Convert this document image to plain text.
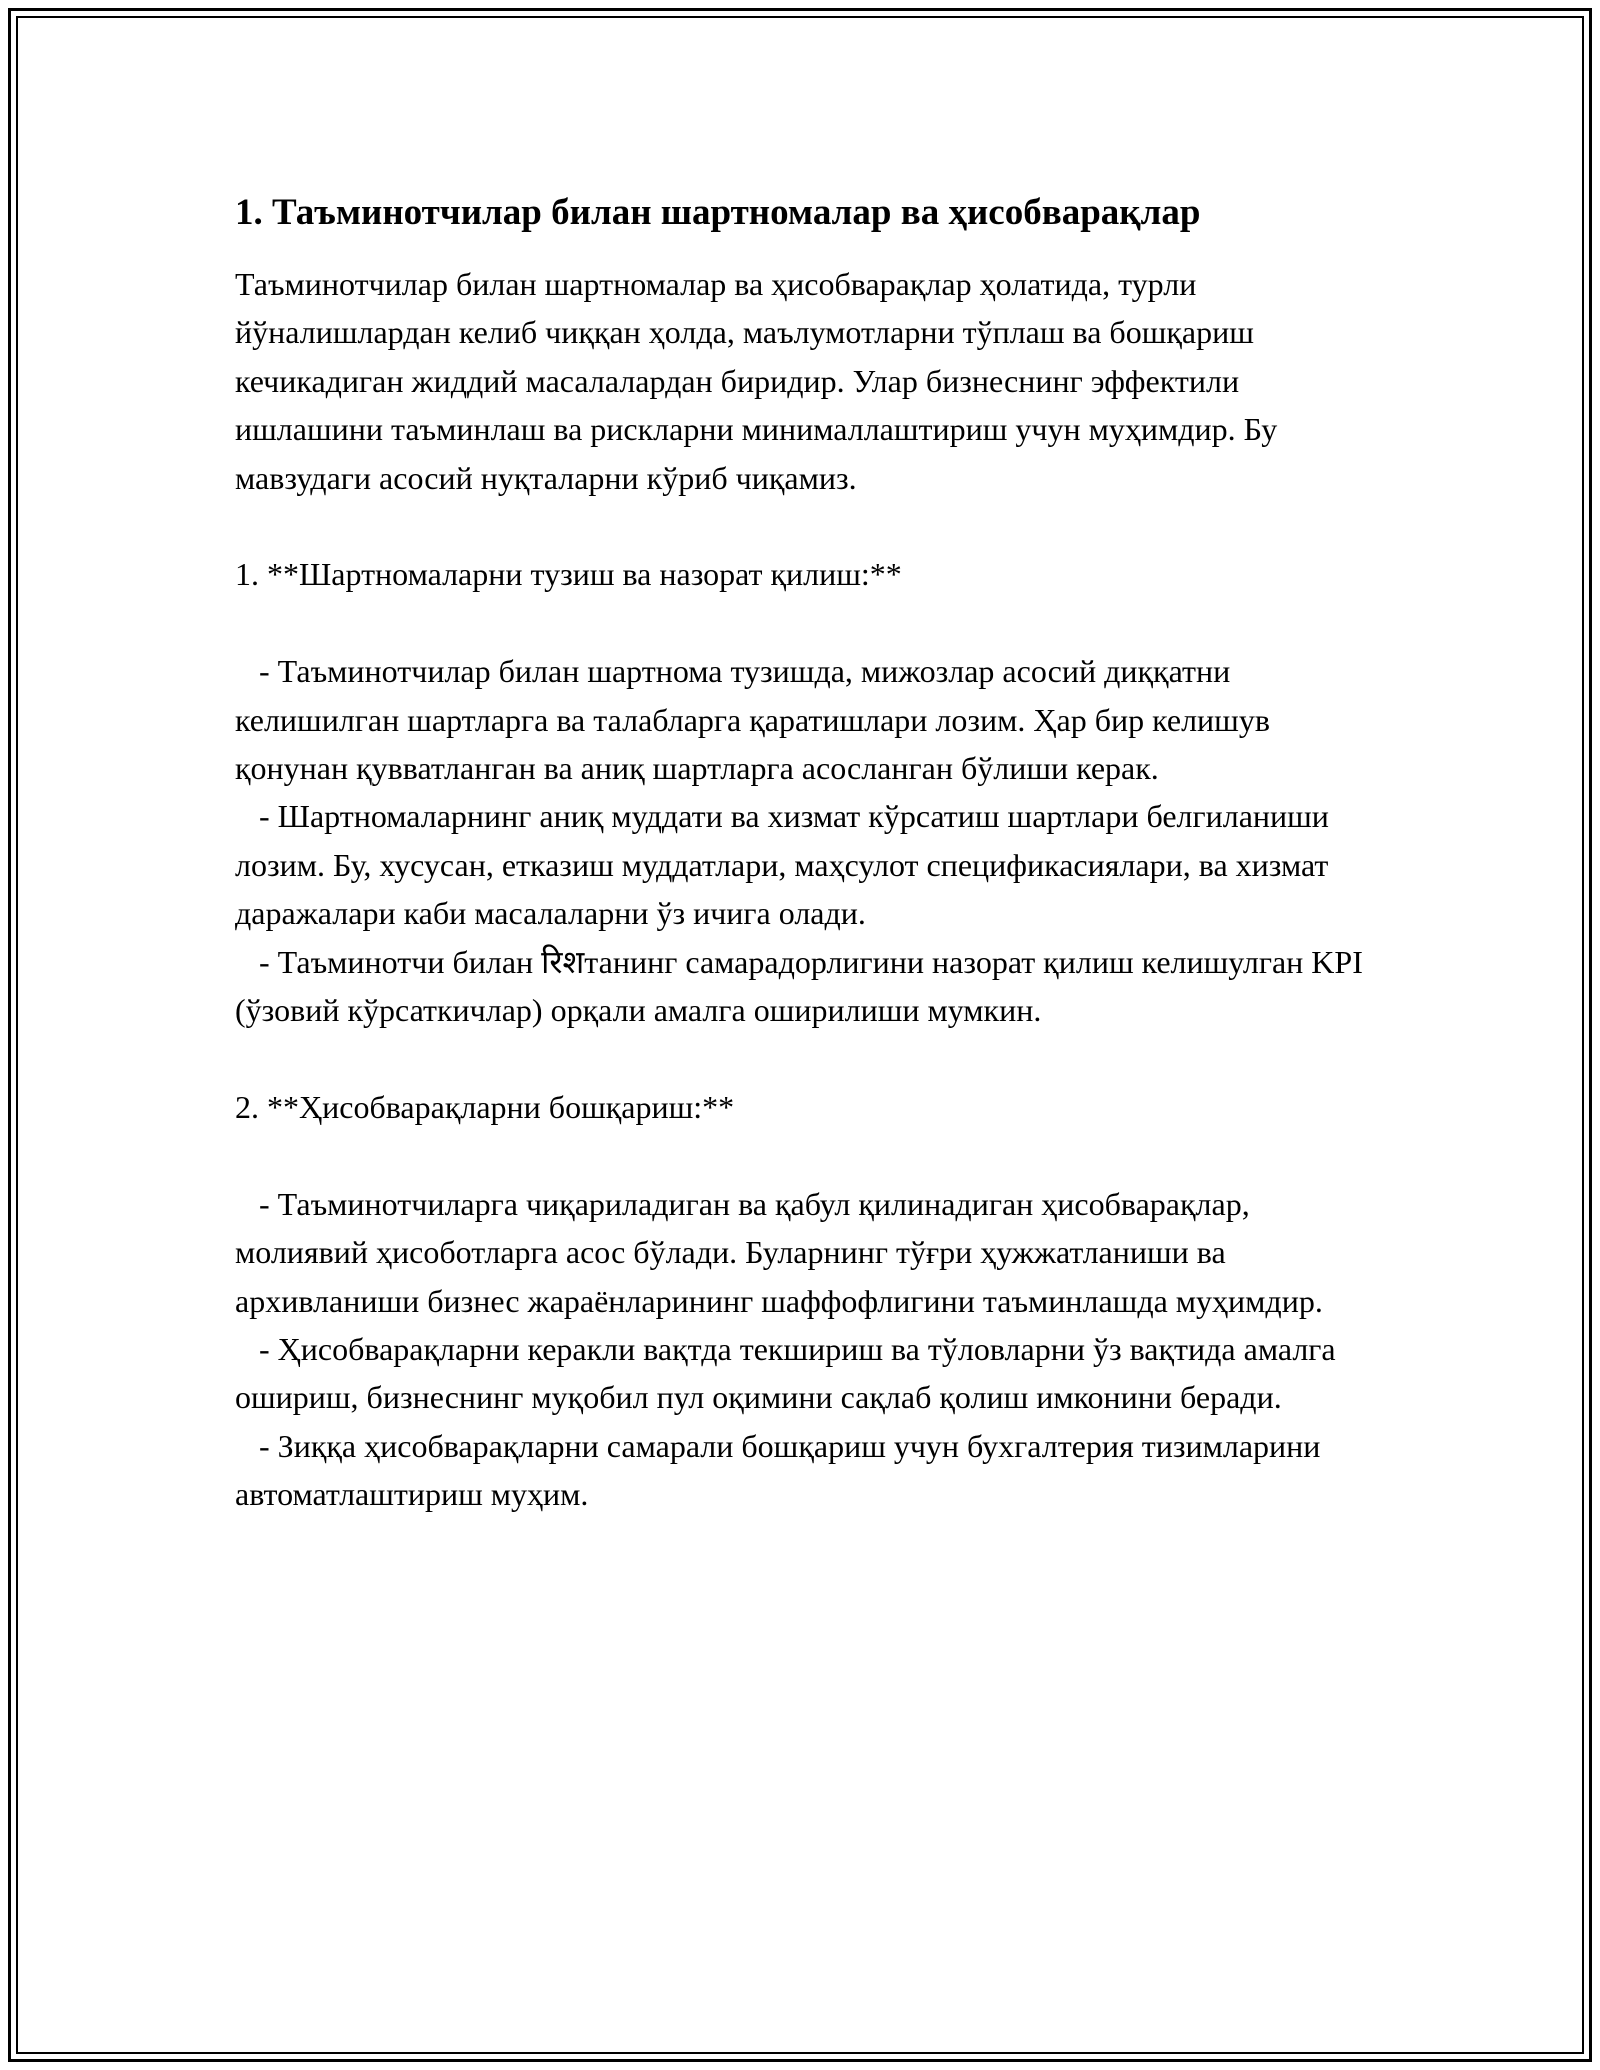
1. Таъминотчилар билан шартномалар ва ҳисобварақлар

Таъминотчилар билан шартномалар ва ҳисобварақлар ҳолатида, турли йўналишлардан келиб чиққан ҳолда, маълумотларни тўплаш ва бошқариш кечикадиган жиддий масалалардан биридир. Улар бизнеснинг эффектили ишлашини таъминлаш ва рискларни минималлаштириш учун муҳимдир. Бу мавзудаги асосий нуқталарни кўриб чиқамиз.

1. **Шартномаларни тузиш ва назорат қилиш:**

- Таъминотчилар билан шартнома тузишда, мижозлар асосий диққатни келишилган шартларга ва талабларга қаратишлари лозим. Ҳар бир келишув қонунан қувватланган ва аниқ шартларга асосланган бўлиши керак.
- Шартномаларнинг аниқ муддати ва хизмат кўрсатиш шартлари белгиланиши лозим. Бу, хусусан, етказиш муддатлари, маҳсулот спецификасиялари, ва хизмат даражалари каби масалаларни ўз ичига олади.
- Таъминотчи билан रिशтанинг самарадорлигини назорат қилиш келишулган KPI (ўзовий кўрсаткичлар) орқали амалга оширилиши мумкин.

2. **Ҳисобварақларни бошқариш:**

- Таъминотчиларга чиқариладиган ва қабул қилинадиган ҳисобварақлар, молиявий ҳисоботларга асос бўлади. Буларнинг тўғри ҳужжатланиши ва архивланиши бизнес жараёнларининг шаффофлигини таъминлашда муҳимдир.
- Ҳисобварақларни керакли вақтда текшириш ва тўловларни ўз вақтида амалга ошириш, бизнеснинг муқобил пул оқимини сақлаб қолиш имконини беради.
- Зиққа ҳисобварақларни самарали бошқариш учун бухгалтерия тизимларини автоматлаштириш муҳим.
